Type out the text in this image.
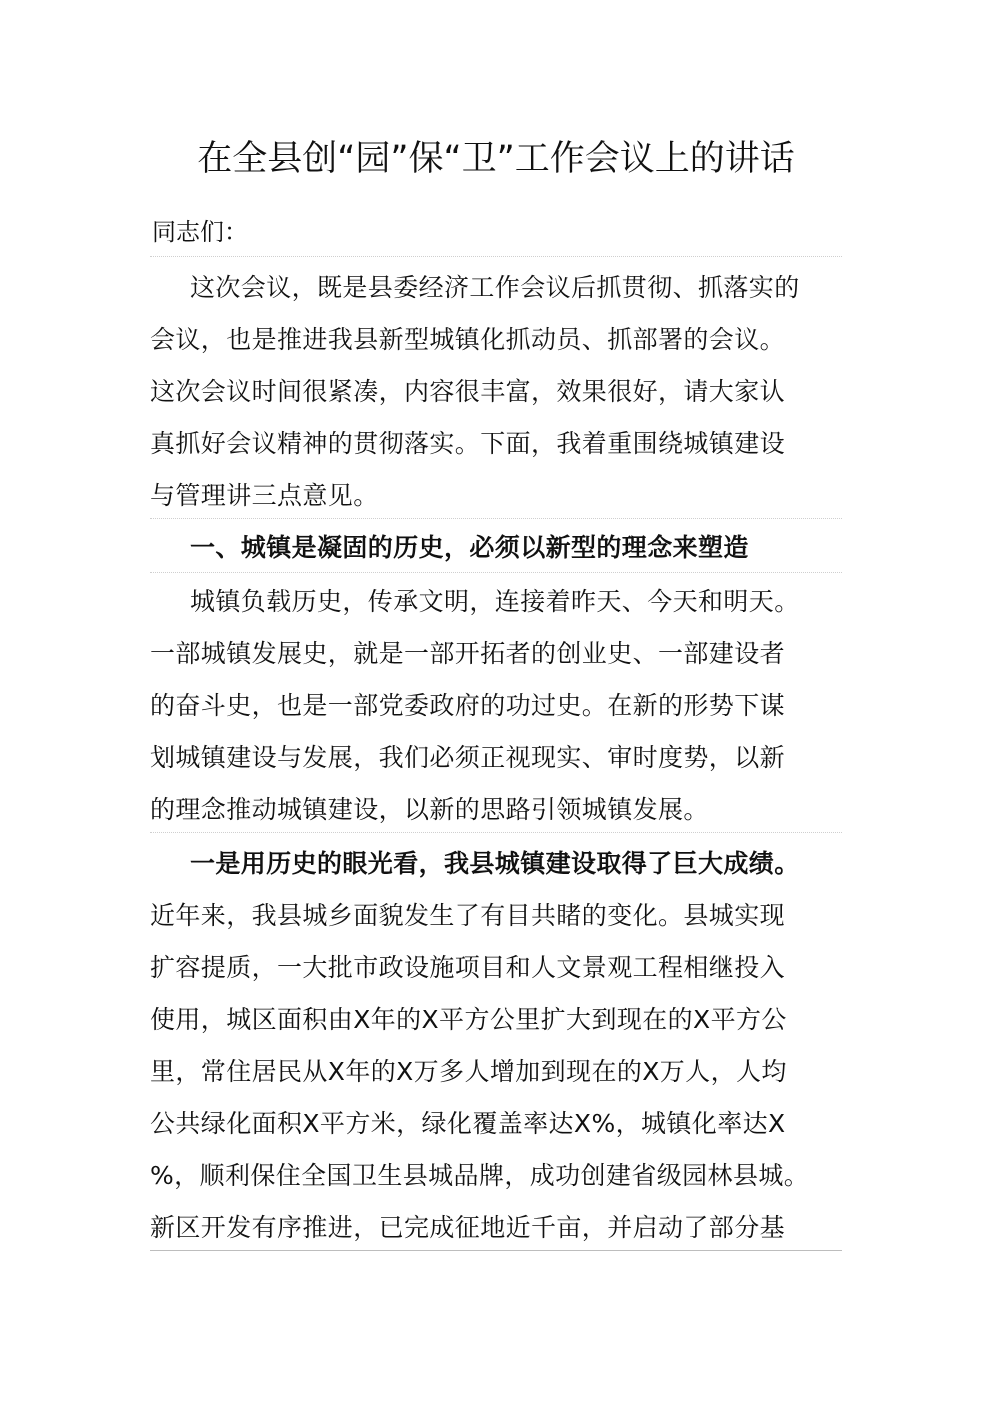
在全县创“园”保“卫”工作会议上的讲话
同志们：
这次会议，既是县委经济工作会议后抓贯彻、抓落实的
会议，也是推进我县新型城镇化抓动员、抓部署的会议。
这次会议时间很紧凑，内容很丰富，效果很好，请大家认
真抓好会议精神的贯彻落实。下面，我着重围绕城镇建设
与管理讲三点意见。
一、城镇是凝固的历史，必须以新型的理念来塑造
城镇负载历史，传承文明，连接着昨天、今天和明天。
一部城镇发展史，就是一部开拓者的创业史、一部建设者
的奋斗史，也是一部党委政府的功过史。在新的形势下谋
划城镇建设与发展，我们必须正视现实、审时度势，以新
的理念推动城镇建设，以新的思路引领城镇发展。
一是用历史的眼光看，我县城镇建设取得了巨大成绩。
近年来，我县城乡面貌发生了有目共睹的变化。县城实现
扩容提质，一大批市政设施项目和人文景观工程相继投入
使用，城区面积由X年的X平方公里扩大到现在的X平方公
里，常住居民从X年的X万多人增加到现在的X万人，人均
公共绿化面积X平方米，绿化覆盖率达X%，城镇化率达X
%，顺利保住全国卫生县城品牌，成功创建省级园林县城。
新区开发有序推进，已完成征地近千亩，并启动了部分基
